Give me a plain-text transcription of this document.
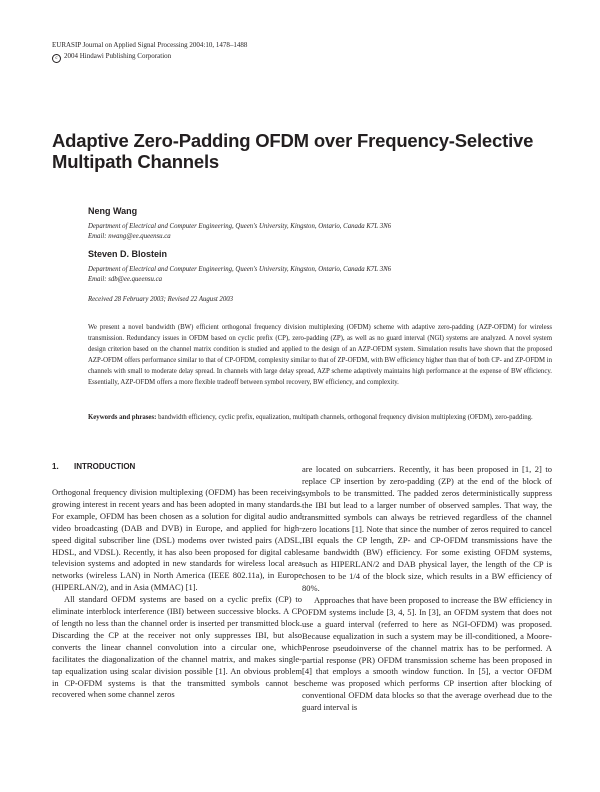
EURASIP Journal on Applied Signal Processing 2004:10, 1478–1488
c 2004 Hindawi Publishing Corporation
Adaptive Zero-Padding OFDM over Frequency-Selective Multipath Channels
Neng Wang

Department of Electrical and Computer Engineering, Queen's University, Kingston, Ontario, Canada K7L 3N6

Email: nwang@ee.queensu.ca

Steven D. Blostein

Department of Electrical and Computer Engineering, Queen's University, Kingston, Ontario, Canada K7L 3N6

Email: sdb@ee.queensu.ca

Received 28 February 2003; Revised 22 August 2003
We present a novel bandwidth (BW) efficient orthogonal frequency division multiplexing (OFDM) scheme with adaptive zero-padding (AZP-OFDM) for wireless transmission. Redundancy issues in OFDM based on cyclic prefix (CP), zero-padding (ZP), as well as no guard interval (NGI) systems are analyzed. A novel system design criterion based on the channel matrix condition is studied and applied to the design of an AZP-OFDM system. Simulation results have shown that the proposed AZP-OFDM offers performance similar to that of CP-OFDM, complexity similar to that of ZP-OFDM, with BW efficiency higher than that of both CP- and ZP-OFDM in channels with small to moderate delay spread. In channels with large delay spread, AZP scheme adaptively maintains high performance at the expense of BW efficiency. Essentially, AZP-OFDM offers a more flexible tradeoff between symbol recovery, BW efficiency, and complexity.
Keywords and phrases: bandwidth efficiency, cyclic prefix, equalization, multipath channels, orthogonal frequency division multiplexing (OFDM), zero-padding.
1. INTRODUCTION

Orthogonal frequency division multiplexing (OFDM) has been receiving growing interest in recent years and has been adopted in many standards. For example, OFDM has been chosen as a solution for digital audio and video broadcasting (DAB and DVB) in Europe, and applied for high-speed digital subscriber line (DSL) modems over twisted pairs (ADSL, HDSL, and VDSL). Recently, it has also been proposed for digital cable television systems and adopted in new standards for wireless local area networks (wireless LAN) in North America (IEEE 802.11a), in Europe (HIPERLAN/2), and in Asia (MMAC) [1].

All standard OFDM systems are based on a cyclic prefix (CP) to eliminate interblock interference (IBI) between successive blocks. A CP of length no less than the channel order is inserted per transmitted block. Discarding the CP at the receiver not only suppresses IBI, but also converts the linear channel convolution into a circular one, which facilitates the diagonalization of the channel matrix, and makes single-tap equalization using scalar division possible [1]. An obvious problem in CP-OFDM systems is that the transmitted symbols cannot be recovered when some channel zeros

are located on subcarriers. Recently, it has been proposed in [1, 2] to replace CP insertion by zero-padding (ZP) at the end of the block of symbols to be transmitted. The padded zeros deterministically suppress the IBI but lead to a larger number of observed samples. That way, the transmitted symbols can always be retrieved regardless of the channel zero locations [1]. Note that since the number of zeros required to cancel IBI equals the CP length, ZP- and CP-OFDM transmissions have the same bandwidth (BW) efficiency. For some existing OFDM systems, such as HIPERLAN/2 and DAB physical layer, the length of the CP is chosen to be 1/4 of the block size, which results in a BW efficiency of 80%.

Approaches that have been proposed to increase the BW efficiency in OFDM systems include [3, 4, 5]. In [3], an OFDM system that does not use a guard interval (referred to here as NGI-OFDM) was proposed. Because equalization in such a system may be ill-conditioned, a Moore-Penrose pseudoinverse of the channel matrix has to be performed. A partial response (PR) OFDM transmission scheme has been proposed in [4] that employs a smooth window function. In [5], a vector OFDM scheme was proposed which performs CP insertion after blocking of conventional OFDM data blocks so that the average overhead due to the guard interval is
